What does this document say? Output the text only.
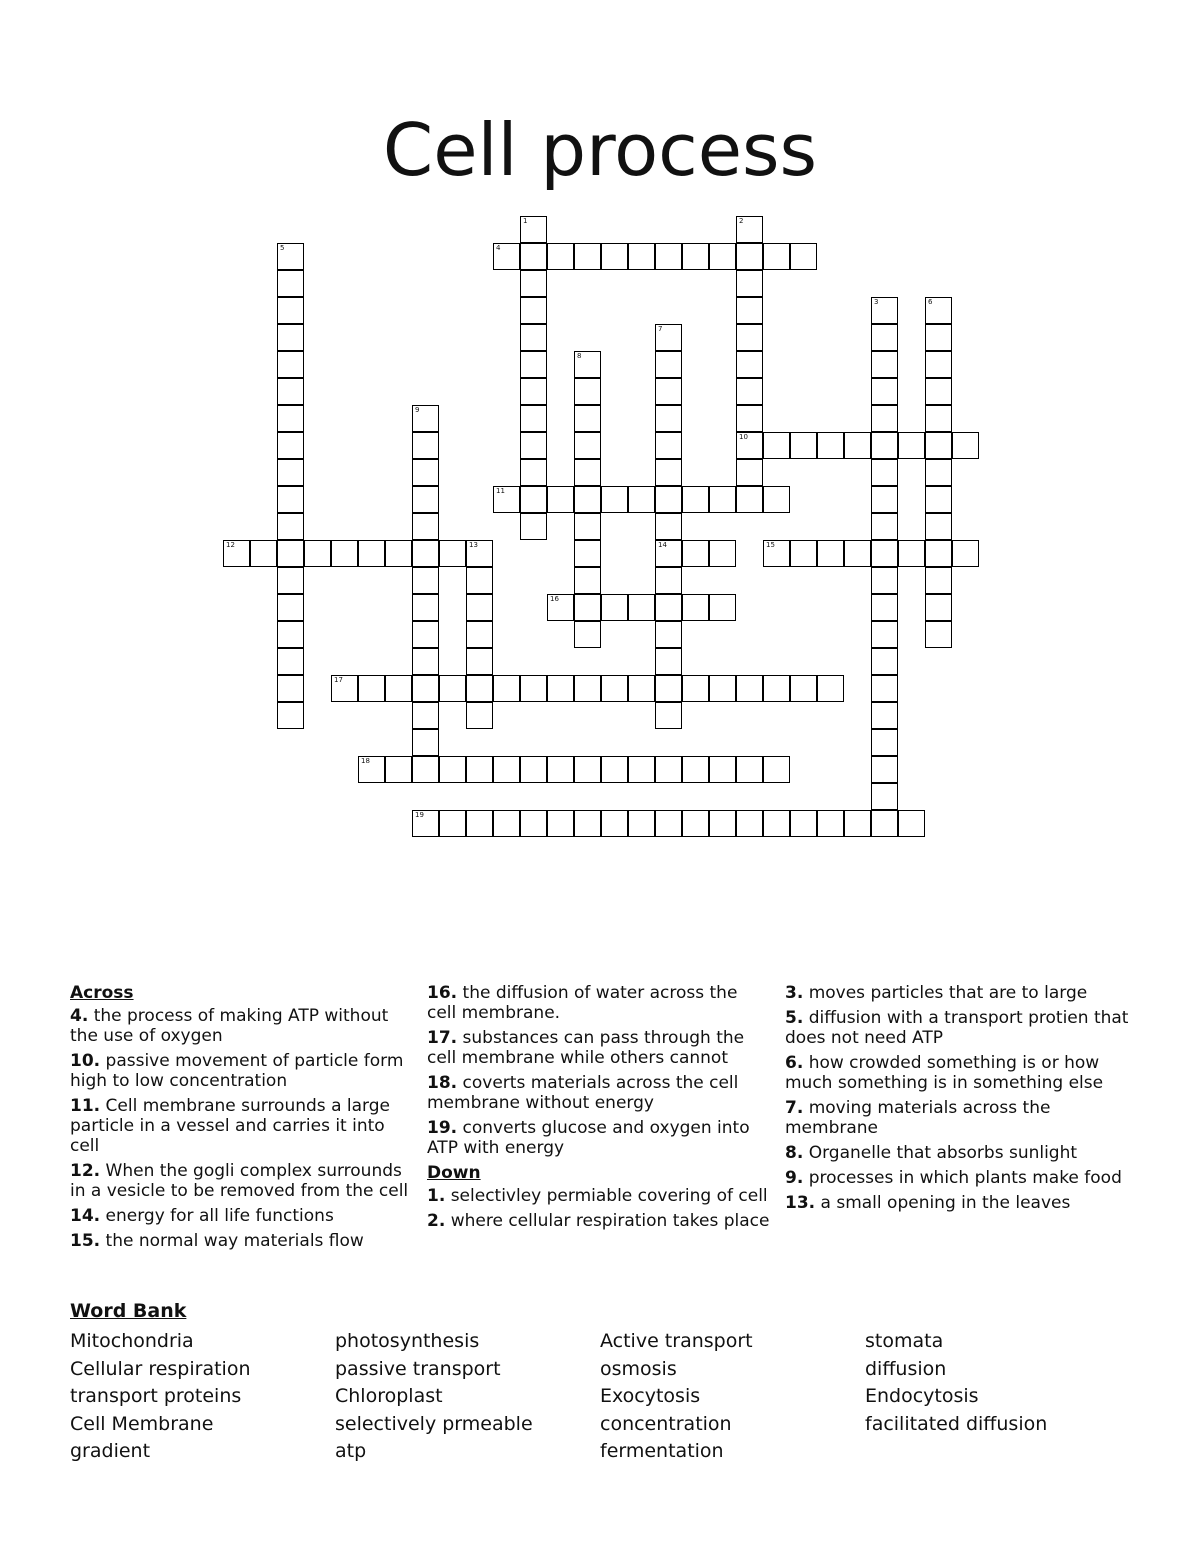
Cell process
4
10
11
12	13	14	15
16
17
18
19
1	2
3
5
6
7
8
9
Across
4. the process of making ATP without the use of oxygen
10. passive movement of particle form high to low concentration
11. Cell membrane surrounds a large particle in a vessel and carries it into cell
12. When the gogli complex surrounds in a vesicle to be removed from the cell
14. energy for all life functions
15. the normal way materials flow
16. the diffusion of water across the cell membrane.
17. substances can pass through the cell membrane while others cannot
18. coverts materials across the cell membrane without energy
19. converts glucose and oxygen into ATP with energy
Down
1. selectivley permiable covering of cell
2. where cellular respiration takes place
3. moves particles that are to large
5. diffusion with a transport protien that does not need ATP
6. how crowded something is or how much something is in something else
7. moving materials across the membrane
8. Organelle that absorbs sunlight
9. processes in which plants make food
13. a small opening in the leaves
Word Bank
Mitochondria
Cellular respiration
transport proteins
Cell Membrane
gradient
photosynthesis
passive transport
Chloroplast
selectively prmeable
atp
Active transport
osmosis
Exocytosis
concentration
fermentation
stomata
diffusion
Endocytosis
facilitated diffusion
